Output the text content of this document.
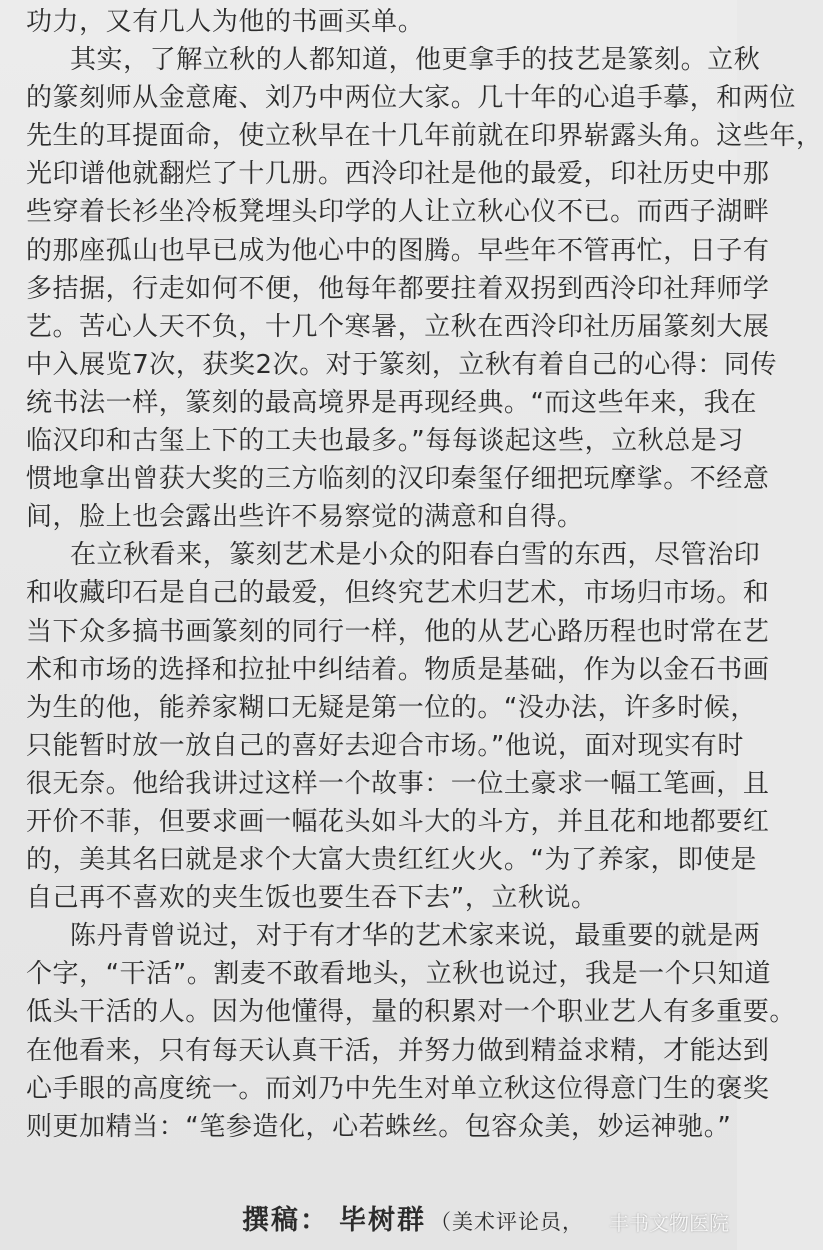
功力，又有几人为他的书画买单。
其实，了解立秋的人都知道，他更拿手的技艺是篆刻。立秋
的篆刻师从金意庵、刘乃中两位大家。几十年的心追手摹，和两位
先生的耳提面命，使立秋早在十几年前就在印界崭露头角。这些年，
光印谱他就翻烂了十几册。西泠印社是他的最爱，印社历史中那
些穿着长衫坐冷板凳埋头印学的人让立秋心仪不已。而西子湖畔
的那座孤山也早已成为他心中的图腾。早些年不管再忙，日子有
多拮据，行走如何不便，他每年都要拄着双拐到西泠印社拜师学
艺。苦心人天不负，十几个寒暑，立秋在西泠印社历届篆刻大展
中入展览7次，获奖2次。对于篆刻，立秋有着自己的心得：同传
统书法一样，篆刻的最高境界是再现经典。“而这些年来，我在
临汉印和古玺上下的工夫也最多。”每每谈起这些，立秋总是习
惯地拿出曾获大奖的三方临刻的汉印秦玺仔细把玩摩挲。不经意
间，脸上也会露出些许不易察觉的满意和自得。
在立秋看来，篆刻艺术是小众的阳春白雪的东西，尽管治印
和收藏印石是自己的最爱，但终究艺术归艺术，市场归市场。和
当下众多搞书画篆刻的同行一样，他的从艺心路历程也时常在艺
术和市场的选择和拉扯中纠结着。物质是基础，作为以金石书画
为生的他，能养家糊口无疑是第一位的。“没办法，许多时候，
只能暂时放一放自己的喜好去迎合市场。”他说，面对现实有时
很无奈。他给我讲过这样一个故事：一位土豪求一幅工笔画，且
开价不菲，但要求画一幅花头如斗大的斗方，并且花和地都要红
的，美其名曰就是求个大富大贵红红火火。“为了养家，即使是
自己再不喜欢的夹生饭也要生吞下去”，立秋说。
陈丹青曾说过，对于有才华的艺术家来说，最重要的就是两
个字，“干活”。割麦不敢看地头，立秋也说过，我是一个只知道
低头干活的人。因为他懂得，量的积累对一个职业艺人有多重要。
在他看来，只有每天认真干活，并努力做到精益求精，才能达到
心手眼的高度统一。而刘乃中先生对单立秋这位得意门生的褒奖
则更加精当：“笔参造化，心若蛛丝。包容众美，妙运神驰。”
撰稿： 毕树群 （美术评论员， 丰书文物医院
